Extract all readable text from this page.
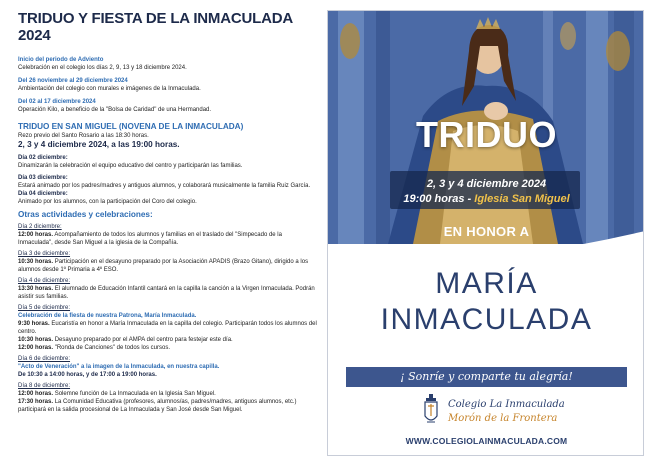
TRIDUO Y FIESTA DE LA INMACULADA 2024
Inicio del periodo de Adviento
Celebración en el colegio los días 2, 9, 13 y 18 diciembre 2024.
Del 26 noviembre al 29 diciembre 2024
Ambientación del colegio con murales e imágenes de la Inmaculada.
Del 02 al 17 diciembre 2024
Operación Kilo, a beneficio de la "Bolsa de Caridad" de una Hermandad.
TRIDUO EN SAN MIGUEL (NOVENA DE LA INMACULADA)
Rezo previo del Santo Rosario a las 18:30 horas.
2, 3 y 4 diciembre 2024, a las 19:00 horas.
Día 02 diciembre:
Dinamizarán la celebración el equipo educativo del centro y participarán las familias.
Día 03 diciembre:
Estará animado por los padres/madres y antiguos alumnos, y colaborará musicalmente la familia Ruiz García.
Día 04 diciembre:
Animado por los alumnos, con la participación del Coro del colegio.
Otras actividades y celebraciones:
Día 2 diciembre:
12:00 horas. Acompañamiento de todos los alumnos y familias en el traslado del "Simpecado de la Inmaculada", desde San Miguel a la iglesia de la Compañía.
Día 3 de diciembre:
10:30 horas. Participación en el desayuno preparado por la Asociación APADIS (Brazo Gitano), dirigido a los alumnos desde 1º Primaria a 4º ESO.
Día 4 de diciembre:
13:30 horas. El alumnado de Educación Infantil cantará en la capilla la canción a la Virgen Inmaculada. Podrán asistir sus familias.
Día 5 de diciembre:
Celebración de la fiesta de nuestra Patrona, María Inmaculada.
9:30 horas. Eucaristía en honor a María Inmaculada en la capilla del colegio. Participarán todos los alumnos del centro.
10:30 horas. Desayuno preparado por el AMPA del centro para festejar este día.
12:00 horas. "Ronda de Canciones" de todos los cursos.
Día 6 de diciembre:
"Acto de Veneración" a la imagen de la Inmaculada, en nuestra capilla.
De 10:30 a 14:00 horas, y de 17:00 a 19:00 horas.
Día 8 de diciembre:
12:00 horas. Solemne función de La Inmaculada en la Iglesia San Miguel.
17:30 horas. La Comunidad Educativa (profesores, alumnos/as, padres/madres, antiguos alumnos, etc.) participará en la salida procesional de La Inmaculada y San José desde San Miguel.
TRIDUO
2, 3 y 4 diciembre 2024
19:00 horas - Iglesia San Miguel
EN HONOR A
MARÍA
INMACULADA
¡ Sonríe y comparte tu alegría!
Colegio La Inmaculada
Morón de la Frontera
WWW.COLEGIOLAINMACULADA.COM
